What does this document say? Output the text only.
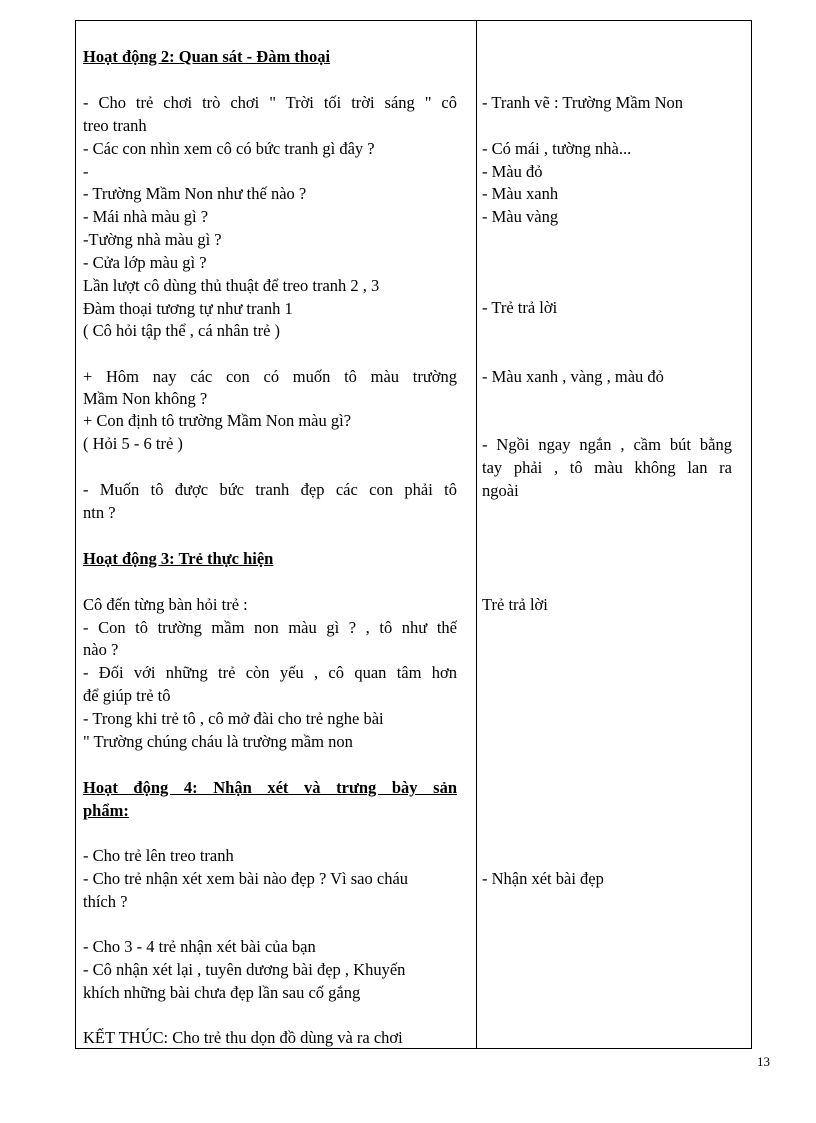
Hoạt động 2: Quan sát - Đàm thoại
- Cho trẻ chơi trò chơi " Trời tối trời sáng " cô
treo tranh
- Các con nhìn xem cô có bức tranh gì đây ?
-
- Trường Mầm Non như thế nào ?
- Mái nhà màu gì ?
-Tường nhà màu gì ?
- Cửa lớp màu gì ?
Lần lượt cô dùng thủ thuật để treo tranh 2 , 3
Đàm thoại tương tự như tranh 1
( Cô hỏi tập thể , cá nhân trẻ )
+ Hôm nay các con có muốn tô màu trường
Mầm Non không ?
+ Con định tô trường Mầm Non màu gì?
( Hỏi 5 - 6 trẻ )
- Muốn tô được bức tranh đẹp các con phải tô
ntn ?
Hoạt động 3: Trẻ thực hiện
Cô đến từng bàn hỏi trẻ :
- Con tô trường mầm non màu gì ? , tô như thế
nào ?
- Đối với những trẻ còn yếu , cô quan tâm hơn
để giúp trẻ tô
- Trong khi trẻ tô , cô mở đài cho trẻ nghe bài
" Trường chúng cháu là trường mầm non
Hoạt động 4: Nhận xét và trưng bày sản
phẩm:
- Cho trẻ lên treo tranh
- Cho trẻ nhận xét xem bài nào đẹp ? Vì sao cháu
thích ?
- Cho 3 - 4 trẻ nhận xét bài của bạn
- Cô nhận xét lại , tuyên dương bài đẹp , Khuyến
khích những bài chưa đẹp lần sau cố gắng
KẾT THÚC: Cho trẻ thu dọn đồ dùng và ra chơi
- Tranh vẽ : Trường Mầm Non
- Có mái , tường nhà...
- Màu đỏ
- Màu xanh
- Màu vàng
- Trẻ trả lời
- Màu xanh , vàng , màu đỏ
- Ngồi ngay ngắn , cầm bút bằng
tay phải , tô màu không lan ra
ngoài
Trẻ trả lời
- Nhận xét bài đẹp
13
